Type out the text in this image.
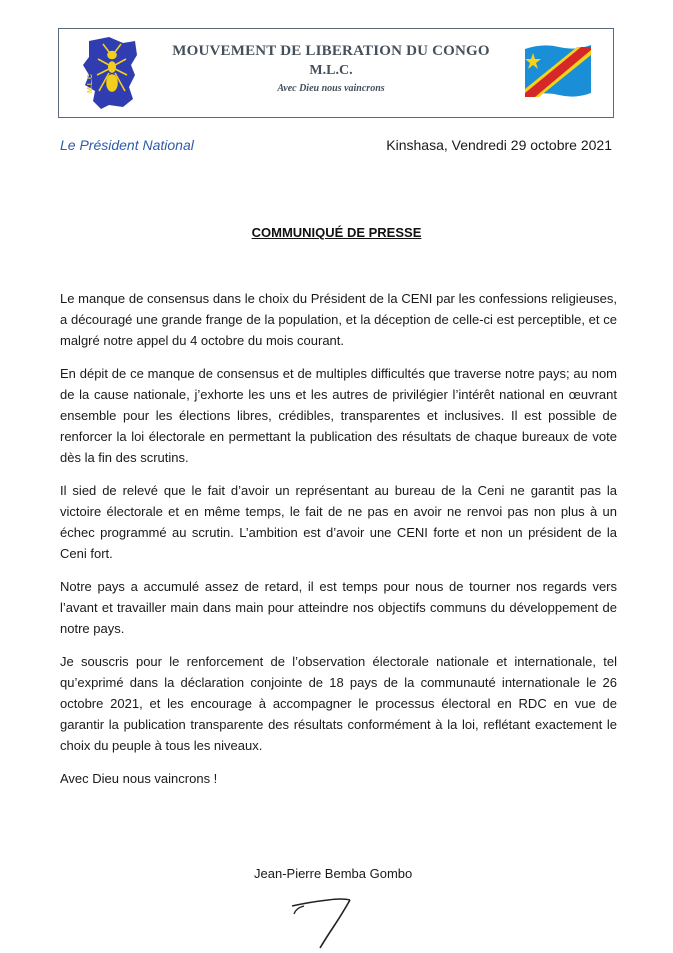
M.L.C
MOUVEMENT DE LIBERATION DU CONGO
M.L.C.
Avec Dieu nous vaincrons
Le Président National	Kinshasa, Vendredi 29 octobre 2021
COMMUNIQUÉ DE PRESSE

Le manque de consensus dans le choix du Président de la CENI par les confessions religieuses, a découragé une grande frange de la population, et la déception de celle-ci est perceptible, et ce malgré notre appel du 4 octobre du mois courant.

En dépit de ce manque de consensus et de multiples difficultés que traverse notre pays; au nom de la cause nationale, j’exhorte les uns et les autres de privilégier l’intérêt national en œuvrant ensemble pour les élections libres, crédibles, transparentes et inclusives. Il est possible de renforcer la loi électorale en permettant la publication des résultats de chaque bureaux de vote dès la fin des scrutins.

Il sied de relevé que le fait d’avoir un représentant au bureau de la Ceni ne garantit pas la victoire électorale et en même temps, le fait de ne pas en avoir ne renvoi pas non plus à un échec programmé au scrutin. L’ambition est d’avoir une CENI forte et non un président de la Ceni fort.

Notre pays a accumulé assez de retard, il est temps pour nous de tourner nos regards vers l’avant et travailler main dans main pour atteindre nos objectifs communs du développement de notre pays.

Je souscris pour le renforcement de l’observation électorale nationale et internationale, tel qu’exprimé dans la déclaration conjointe de 18 pays de la communauté internationale le 26 octobre 2021, et les encourage à accompagner le processus électoral en RDC en vue de garantir la publication transparente des résultats conformément à la loi, reflétant exactement le choix du peuple à tous les niveaux.

Avec Dieu nous vaincrons !

Jean-Pierre Bemba Gombo
